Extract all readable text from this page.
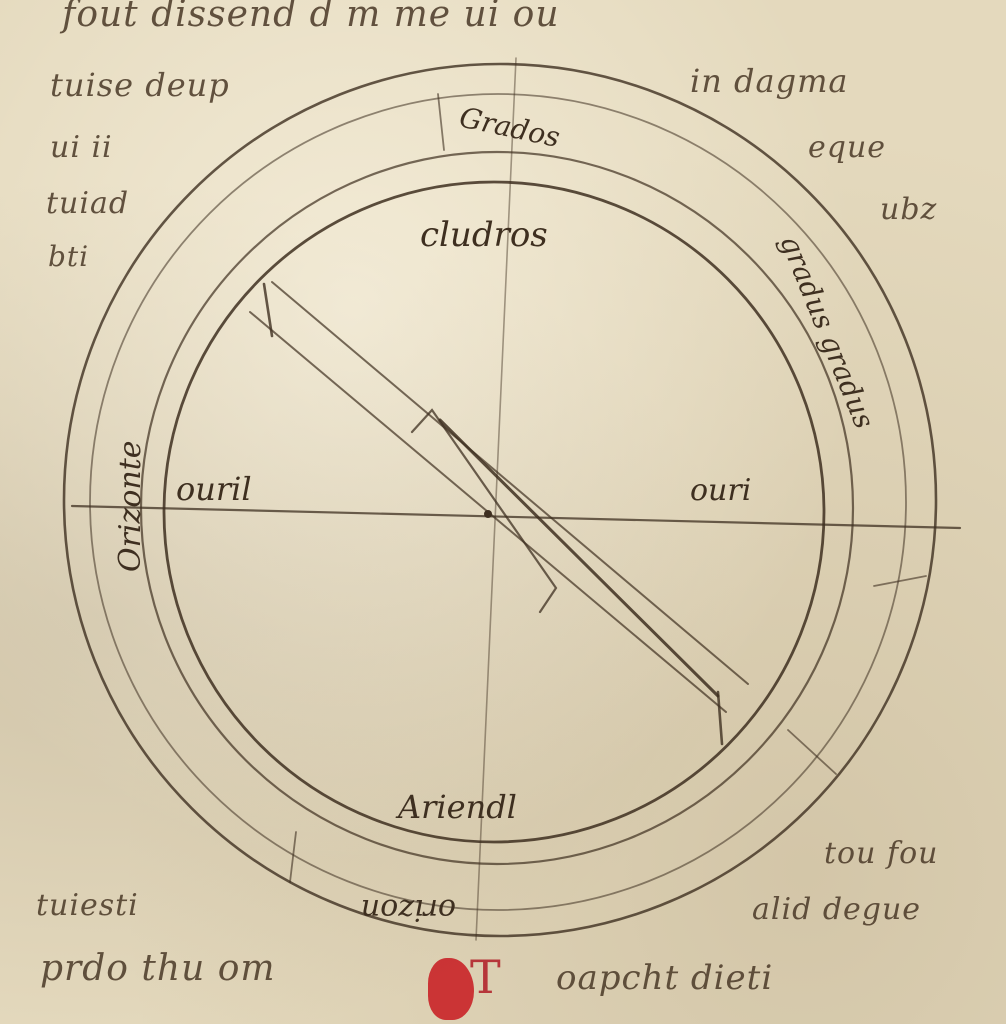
fout dissend d m me ui ou
tuise deup
ui ii
in dagma
eque
ubz
tuiad
bti
tuiesti
prdo thu om
tou fou
alid degue
oapcht dieti
T
cludros
ouril	ouri
Ariendl
Orizonte
orizon
Grados
gradus gradus
